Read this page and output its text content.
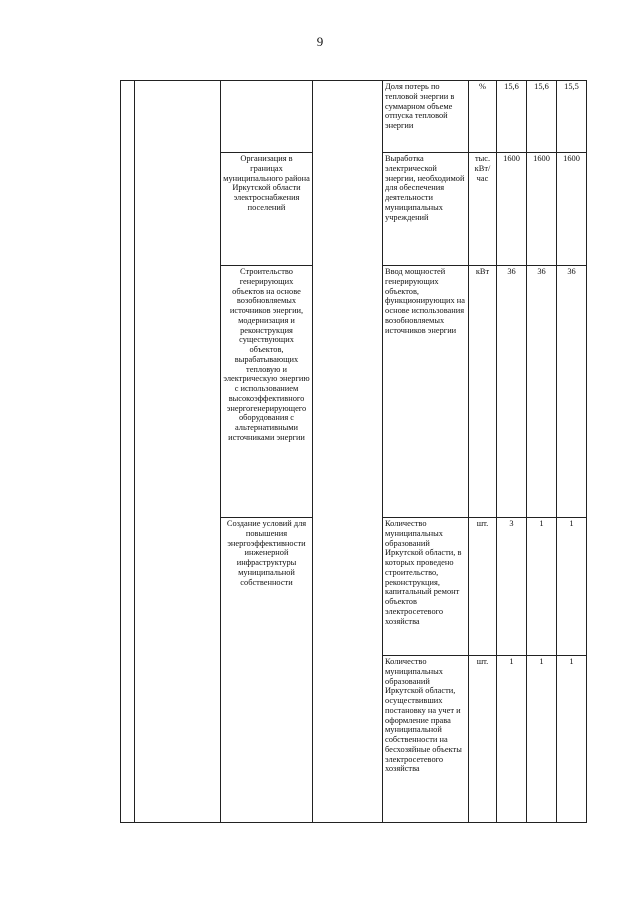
9
				Доля потерь по тепловой энергии в суммарном объеме отпуска тепловой энергии	%	15,6	15,6	15,5
		Организация в границах муниципального района Иркутской области электроснабжения поселений		Выработка электрической энергии, необходимой для обеспечения деятельности муниципальных учреждений	тыс. кВт/ час	1600	1600	1600
		Строительство генерирующих объектов на основе возобновляемых источников энергии, модернизация и реконструкция существующих объектов, вырабатывающих тепловую и электрическую энергию с использованием высокоэффективного энергогенерирующего оборудования с альтернативными источниками энергии		Ввод мощностей генерирующих объектов, функционирующих на основе использования возобновляемых источников энергии	кВт	36	36	36
		Создание условий для повышения энергоэффективности инженерной инфраструктуры муниципальной собственности		Количество муниципальных образований Иркутской области, в которых проведено строительство, реконструкция, капитальный ремонт объектов электросетевого хозяйства	шт.	3	1	1
				Количество муниципальных образований Иркутской области, осуществивших постановку на учет и оформление права муниципальной собственности на бесхозяйные объекты электросетевого хозяйства	шт.	1	1	1
